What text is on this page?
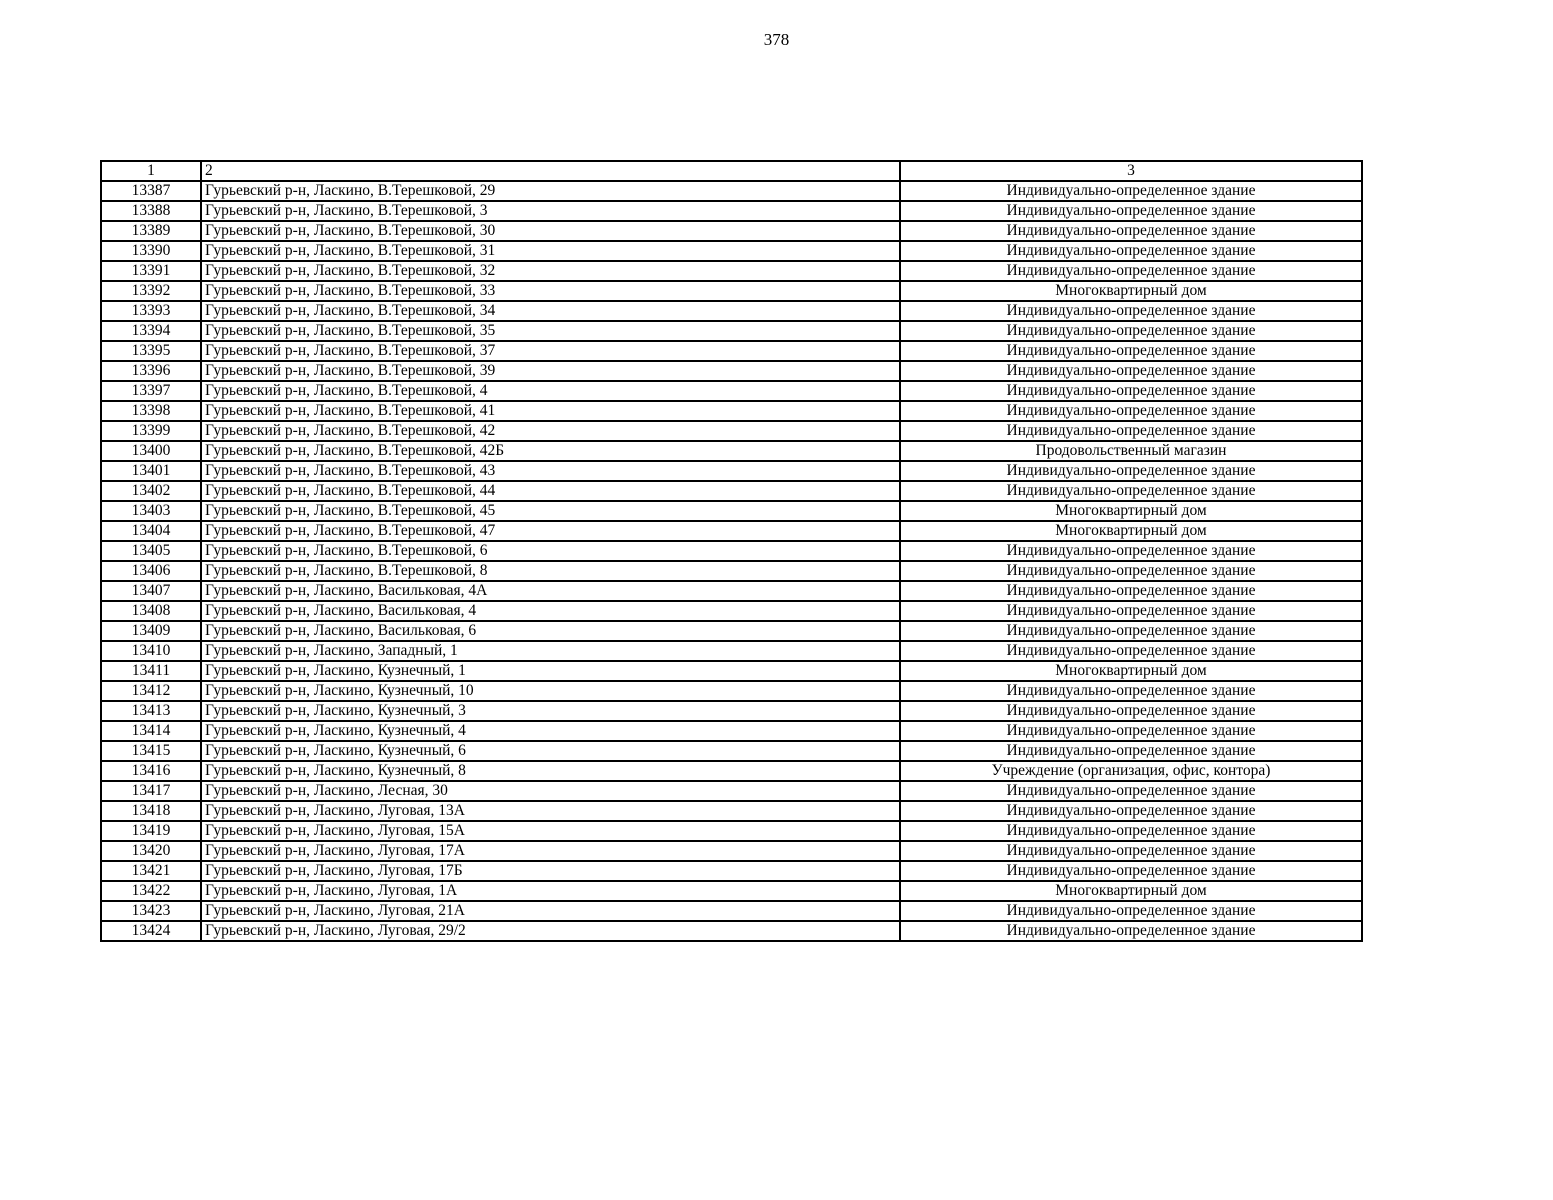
378
1	2	3
13387	Гурьевский р-н, Ласкино, В.Терешковой, 29	Индивидуально-определенное здание
13388	Гурьевский р-н, Ласкино, В.Терешковой, 3	Индивидуально-определенное здание
13389	Гурьевский р-н, Ласкино, В.Терешковой, 30	Индивидуально-определенное здание
13390	Гурьевский р-н, Ласкино, В.Терешковой, 31	Индивидуально-определенное здание
13391	Гурьевский р-н, Ласкино, В.Терешковой, 32	Индивидуально-определенное здание
13392	Гурьевский р-н, Ласкино, В.Терешковой, 33	Многоквартирный дом
13393	Гурьевский р-н, Ласкино, В.Терешковой, 34	Индивидуально-определенное здание
13394	Гурьевский р-н, Ласкино, В.Терешковой, 35	Индивидуально-определенное здание
13395	Гурьевский р-н, Ласкино, В.Терешковой, 37	Индивидуально-определенное здание
13396	Гурьевский р-н, Ласкино, В.Терешковой, 39	Индивидуально-определенное здание
13397	Гурьевский р-н, Ласкино, В.Терешковой, 4	Индивидуально-определенное здание
13398	Гурьевский р-н, Ласкино, В.Терешковой, 41	Индивидуально-определенное здание
13399	Гурьевский р-н, Ласкино, В.Терешковой, 42	Индивидуально-определенное здание
13400	Гурьевский р-н, Ласкино, В.Терешковой, 42Б	Продовольственный магазин
13401	Гурьевский р-н, Ласкино, В.Терешковой, 43	Индивидуально-определенное здание
13402	Гурьевский р-н, Ласкино, В.Терешковой, 44	Индивидуально-определенное здание
13403	Гурьевский р-н, Ласкино, В.Терешковой, 45	Многоквартирный дом
13404	Гурьевский р-н, Ласкино, В.Терешковой, 47	Многоквартирный дом
13405	Гурьевский р-н, Ласкино, В.Терешковой, 6	Индивидуально-определенное здание
13406	Гурьевский р-н, Ласкино, В.Терешковой, 8	Индивидуально-определенное здание
13407	Гурьевский р-н, Ласкино, Васильковая, 4А	Индивидуально-определенное здание
13408	Гурьевский р-н, Ласкино, Васильковая, 4	Индивидуально-определенное здание
13409	Гурьевский р-н, Ласкино, Васильковая, 6	Индивидуально-определенное здание
13410	Гурьевский р-н, Ласкино, Западный, 1	Индивидуально-определенное здание
13411	Гурьевский р-н, Ласкино, Кузнечный, 1	Многоквартирный дом
13412	Гурьевский р-н, Ласкино, Кузнечный, 10	Индивидуально-определенное здание
13413	Гурьевский р-н, Ласкино, Кузнечный, 3	Индивидуально-определенное здание
13414	Гурьевский р-н, Ласкино, Кузнечный, 4	Индивидуально-определенное здание
13415	Гурьевский р-н, Ласкино, Кузнечный, 6	Индивидуально-определенное здание
13416	Гурьевский р-н, Ласкино, Кузнечный, 8	Учреждение (организация, офис, контора)
13417	Гурьевский р-н, Ласкино, Лесная, 30	Индивидуально-определенное здание
13418	Гурьевский р-н, Ласкино, Луговая, 13А	Индивидуально-определенное здание
13419	Гурьевский р-н, Ласкино, Луговая, 15А	Индивидуально-определенное здание
13420	Гурьевский р-н, Ласкино, Луговая, 17А	Индивидуально-определенное здание
13421	Гурьевский р-н, Ласкино, Луговая, 17Б	Индивидуально-определенное здание
13422	Гурьевский р-н, Ласкино, Луговая, 1А	Многоквартирный дом
13423	Гурьевский р-н, Ласкино, Луговая, 21А	Индивидуально-определенное здание
13424	Гурьевский р-н, Ласкино, Луговая, 29/2	Индивидуально-определенное здание
